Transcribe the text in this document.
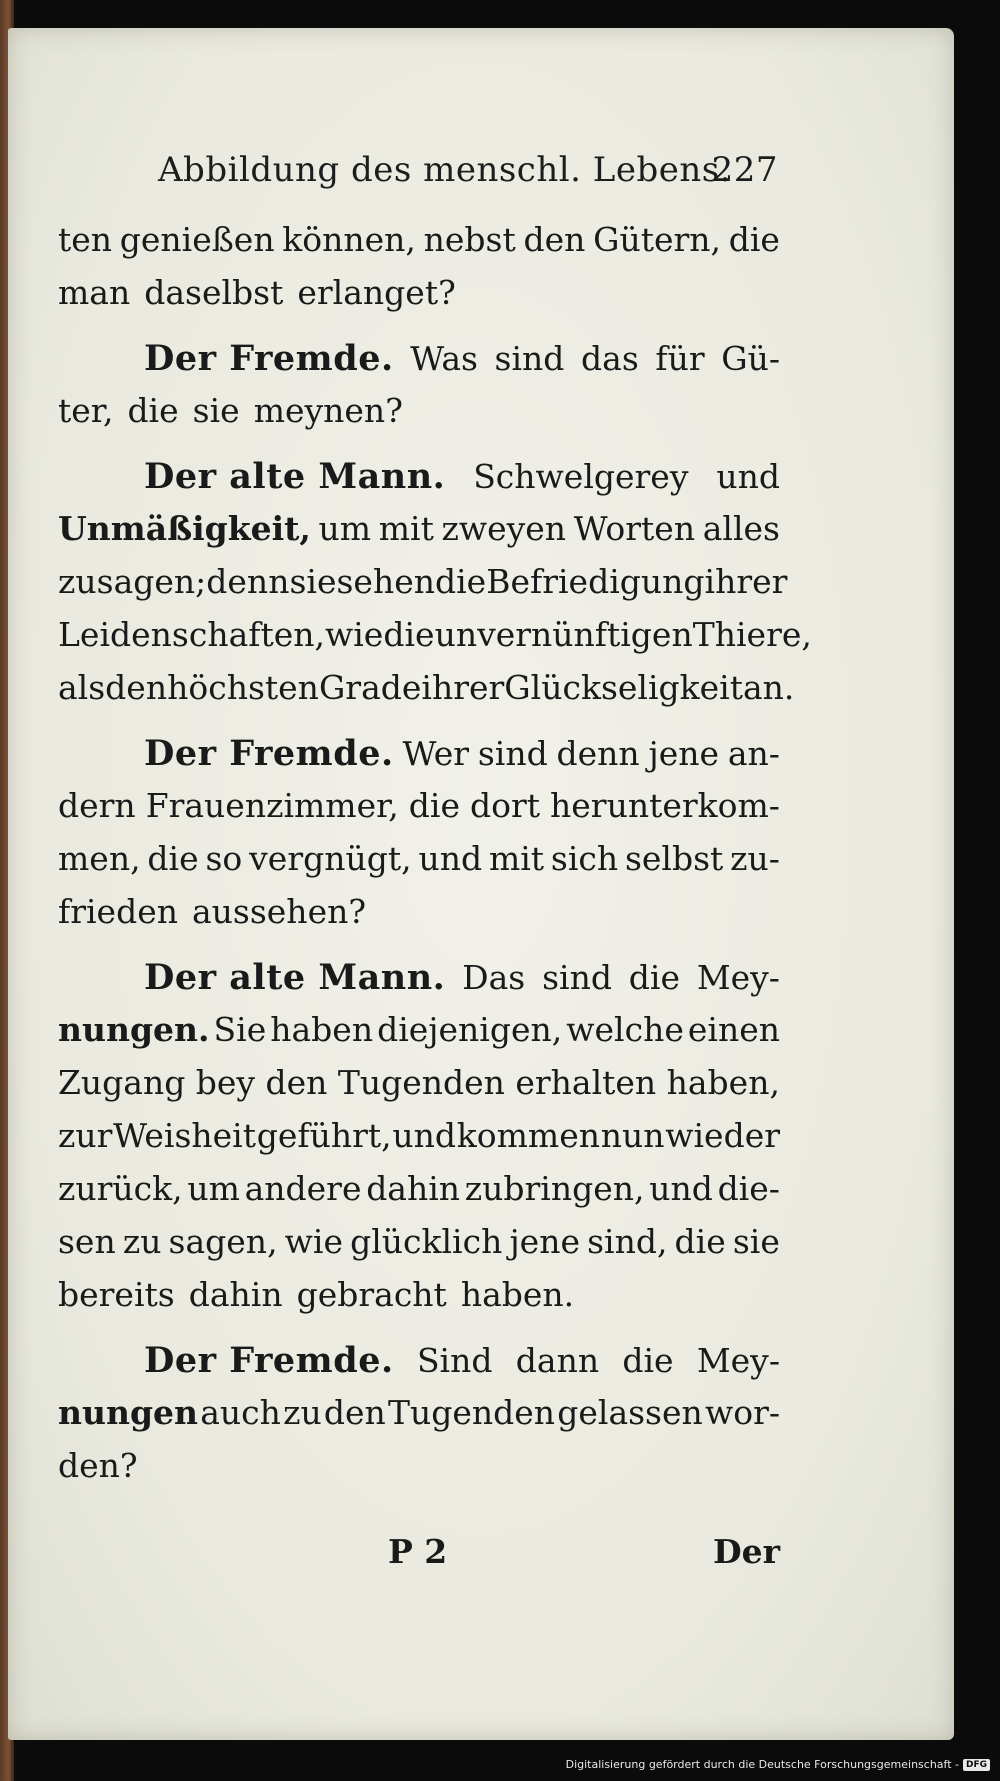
Abbildung des menschl. Lebens.
227
ten genießen können, nebst den Gütern, die
man daselbst erlanget?
Der Fremde. Was sind das für Gü-
ter, die sie meynen?
Der alte Mann. Schwelgerey und
Unmäßigkeit, um mit zweyen Worten alles
zu sagen; denn sie sehen die Befriedigung ihrer
Leidenschaften, wie die unvernünftigen Thiere,
als den höchsten Grade ihrer Glückseligkeit an.
Der Fremde. Wer sind denn jene an-
dern Frauenzimmer, die dort herunterkom-
men, die so vergnügt, und mit sich selbst zu-
frieden aussehen?
Der alte Mann. Das sind die Mey-
nungen. Sie haben diejenigen, welche einen
Zugang bey den Tugenden erhalten haben,
zur Weisheit geführt, und kommen nun wieder
zurück, um andere dahin zubringen, und die-
sen zu sagen, wie glücklich jene sind, die sie
bereits dahin gebracht haben.
Der Fremde. Sind dann die Mey-
nungen auch zu den Tugenden gelassen wor-
den?
P 2	Der
Digitalisierung gefördert durch die Deutsche Forschungsgemeinschaft - DFG
